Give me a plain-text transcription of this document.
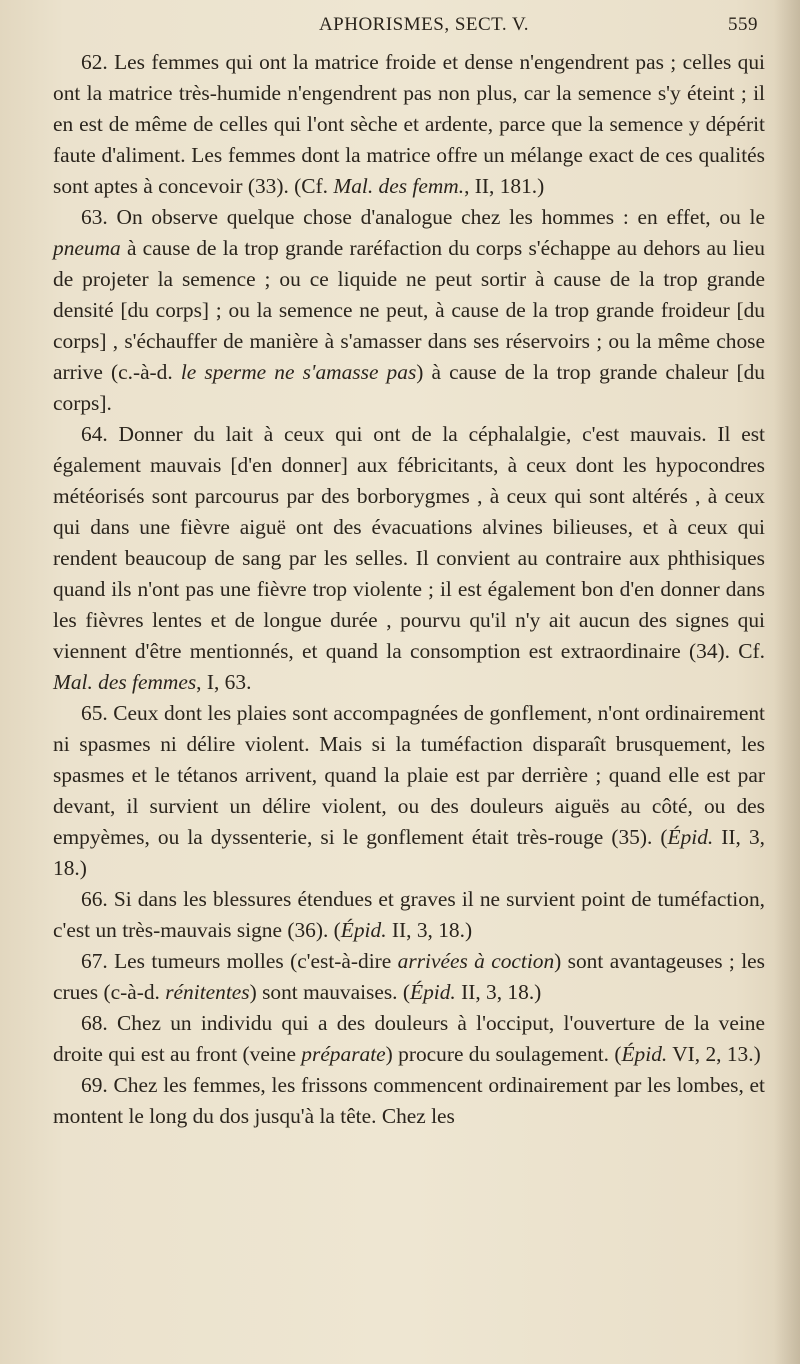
APHORISMES, SECT. V.	559

62. Les femmes qui ont la matrice froide et dense n'engendrent pas ; celles qui ont la matrice très-humide n'engendrent pas non plus, car la semence s'y éteint ; il en est de même de celles qui l'ont sèche et ardente, parce que la semence y dépérit faute d'aliment. Les femmes dont la matrice offre un mélange exact de ces qualités sont aptes à concevoir (33). (Cf. Mal. des femm., II, 181.)

63. On observe quelque chose d'analogue chez les hommes : en effet, ou le pneuma à cause de la trop grande raréfaction du corps s'échappe au dehors au lieu de projeter la semence ; ou ce liquide ne peut sortir à cause de la trop grande densité [du corps] ; ou la semence ne peut, à cause de la trop grande froideur [du corps] , s'échauffer de manière à s'amasser dans ses réservoirs ; ou la même chose arrive (c.-à-d. le sperme ne s'amasse pas) à cause de la trop grande chaleur [du corps].

64. Donner du lait à ceux qui ont de la céphalalgie, c'est mauvais. Il est également mauvais [d'en donner] aux fébricitants, à ceux dont les hypocondres météorisés sont parcourus par des borborygmes , à ceux qui sont altérés , à ceux qui dans une fièvre aiguë ont des évacuations alvines bilieuses, et à ceux qui rendent beaucoup de sang par les selles. Il convient au contraire aux phthisiques quand ils n'ont pas une fièvre trop violente ; il est également bon d'en donner dans les fièvres lentes et de longue durée , pourvu qu'il n'y ait aucun des signes qui viennent d'être mentionnés, et quand la consomption est extraordinaire (34). Cf. Mal. des femmes, I, 63.

65. Ceux dont les plaies sont accompagnées de gonflement, n'ont ordinairement ni spasmes ni délire violent. Mais si la tuméfaction disparaît brusquement, les spasmes et le tétanos arrivent, quand la plaie est par derrière ; quand elle est par devant, il survient un délire violent, ou des douleurs aiguës au côté, ou des empyèmes, ou la dyssenterie, si le gonflement était très-rouge (35). (Épid. II, 3, 18.)

66. Si dans les blessures étendues et graves il ne survient point de tuméfaction, c'est un très-mauvais signe (36). (Épid. II, 3, 18.)

67. Les tumeurs molles (c'est-à-dire arrivées à coction) sont avantageuses ; les crues (c-à-d. rénitentes) sont mauvaises. (Épid. II, 3, 18.)

68. Chez un individu qui a des douleurs à l'occiput, l'ouverture de la veine droite qui est au front (veine préparate) procure du soulagement. (Épid. VI, 2, 13.)

69. Chez les femmes, les frissons commencent ordinairement par les lombes, et montent le long du dos jusqu'à la tête. Chez les
